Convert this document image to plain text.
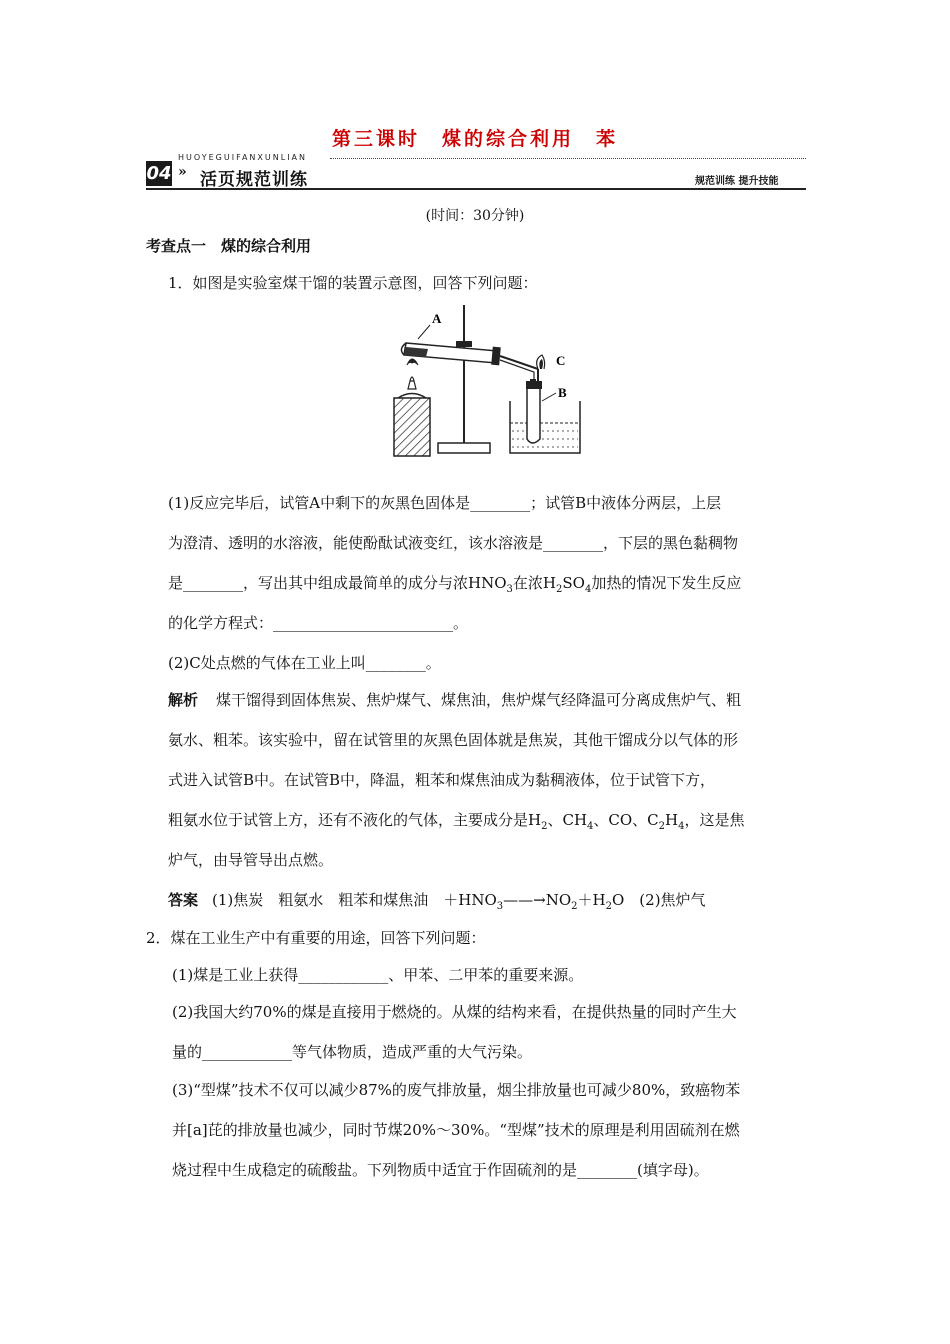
第三课时　煤的综合利用　苯
HUOYEGUIFANXUNLIAN
04 » 活页规范训练	规范训练 提升技能
(时间：30分钟)
考查点一　煤的综合利用
1．如图是实验室煤干馏的装置示意图，回答下列问题：
A
C
B
(1)反应完毕后，试管A中剩下的灰黑色固体是________；试管B中液体分两层，上层
为澄清、透明的水溶液，能使酚酞试液变红，该水溶液是________，下层的黑色黏稠物
是________，写出其中组成最简单的成分与浓$HNO_3$在浓$H_2SO_4$加热的情况下发生反应
的化学方程式：________________________。
(2)C处点燃的气体在工业上叫________。
解析 煤干馏得到固体焦炭、焦炉煤气、煤焦油，焦炉煤气经降温可分离成焦炉气、粗
氨水、粗苯。该实验中，留在试管里的灰黑色固体就是焦炭，其他干馏成分以气体的形
式进入试管B中。在试管B中，降温，粗苯和煤焦油成为黏稠液体，位于试管下方，
粗氨水位于试管上方，还有不液化的气体，主要成分是$H_2$、$CH_4$、CO、$C_2H_4$，这是焦
炉气，由导管导出点燃。
答案 (1)焦炭　粗氨水　粗苯和煤焦油　$+HNO_3——\to NO_2+H_2O$　(2)焦炉气
2．煤在工业生产中有重要的用途，回答下列问题：
(1)煤是工业上获得____________、甲苯、二甲苯的重要来源。
(2)我国大约70%的煤是直接用于燃烧的。从煤的结构来看，在提供热量的同时产生大
量的____________等气体物质，造成严重的大气污染。
(3)“型煤”技术不仅可以减少87%的废气排放量，烟尘排放量也可减少80%，致癌物苯
并[a]芘的排放量也减少，同时节煤20%～30%。“型煤”技术的原理是利用固硫剂在燃
烧过程中生成稳定的硫酸盐。下列物质中适宜于作固硫剂的是________(填字母)。
